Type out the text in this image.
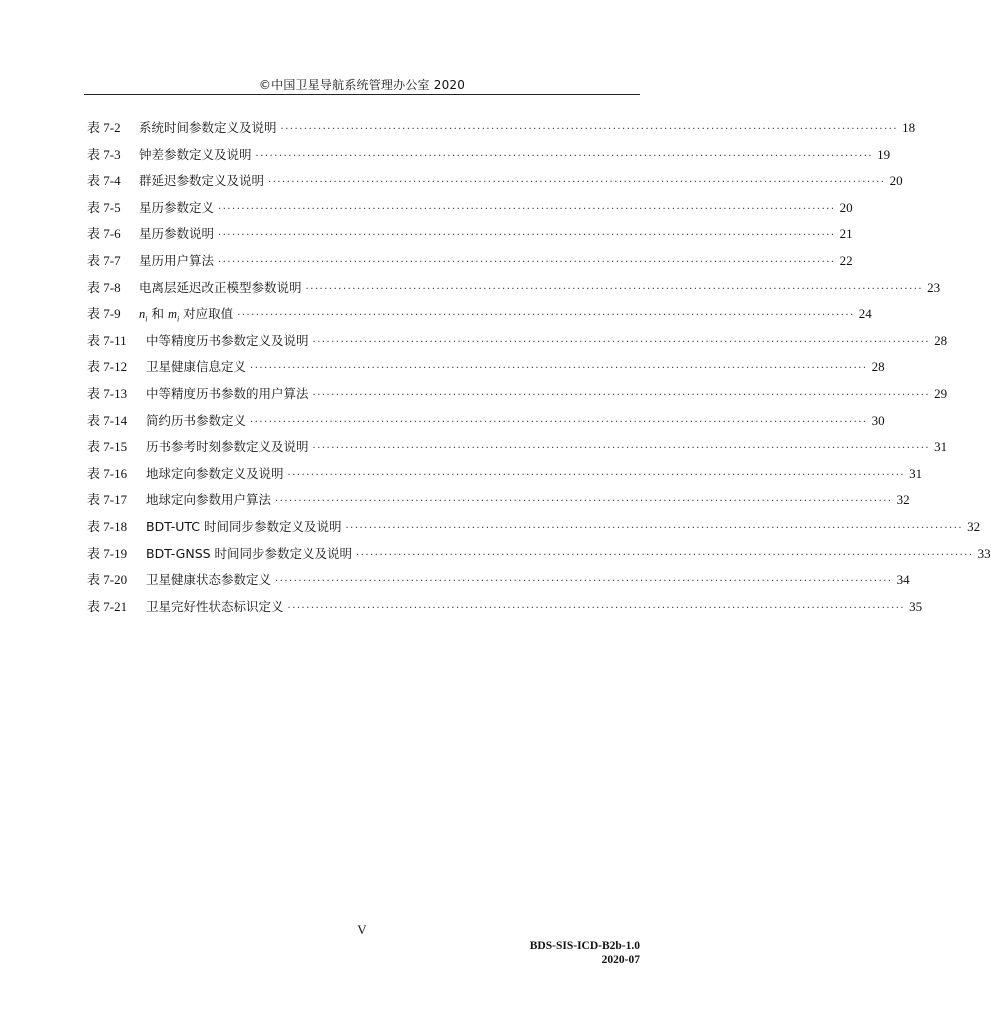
©中国卫星导航系统管理办公室 2020
表 7-2	系统时间参数定义及说明 ···································································································································· 18
表 7-3	钟差参数定义及说明 ···································································································································· 19
表 7-4	群延迟参数定义及说明 ···································································································································· 20
表 7-5	星历参数定义 ···································································································································· 20
表 7-6	星历参数说明 ···································································································································· 21
表 7-7	星历用户算法 ···································································································································· 22
表 7-8	电离层延迟改正模型参数说明 ···································································································································· 23
表 7-9	$n_i$ 和 $m_i$ 对应取值 ···································································································································· 24
表 7-11	中等精度历书参数定义及说明 ···································································································································· 28
表 7-12	卫星健康信息定义 ···································································································································· 28
表 7-13	中等精度历书参数的用户算法 ···································································································································· 29
表 7-14	简约历书参数定义 ···································································································································· 30
表 7-15	历书参考时刻参数定义及说明 ···································································································································· 31
表 7-16	地球定向参数定义及说明 ···································································································································· 31
表 7-17	地球定向参数用户算法 ···································································································································· 32
表 7-18	BDT-UTC 时间同步参数定义及说明 ···································································································································· 32
表 7-19	BDT-GNSS 时间同步参数定义及说明 ···································································································································· 33
表 7-20	卫星健康状态参数定义 ···································································································································· 34
表 7-21	卫星完好性状态标识定义 ···································································································································· 35
V
BDS-SIS-ICD-B2b-1.0
2020-07
